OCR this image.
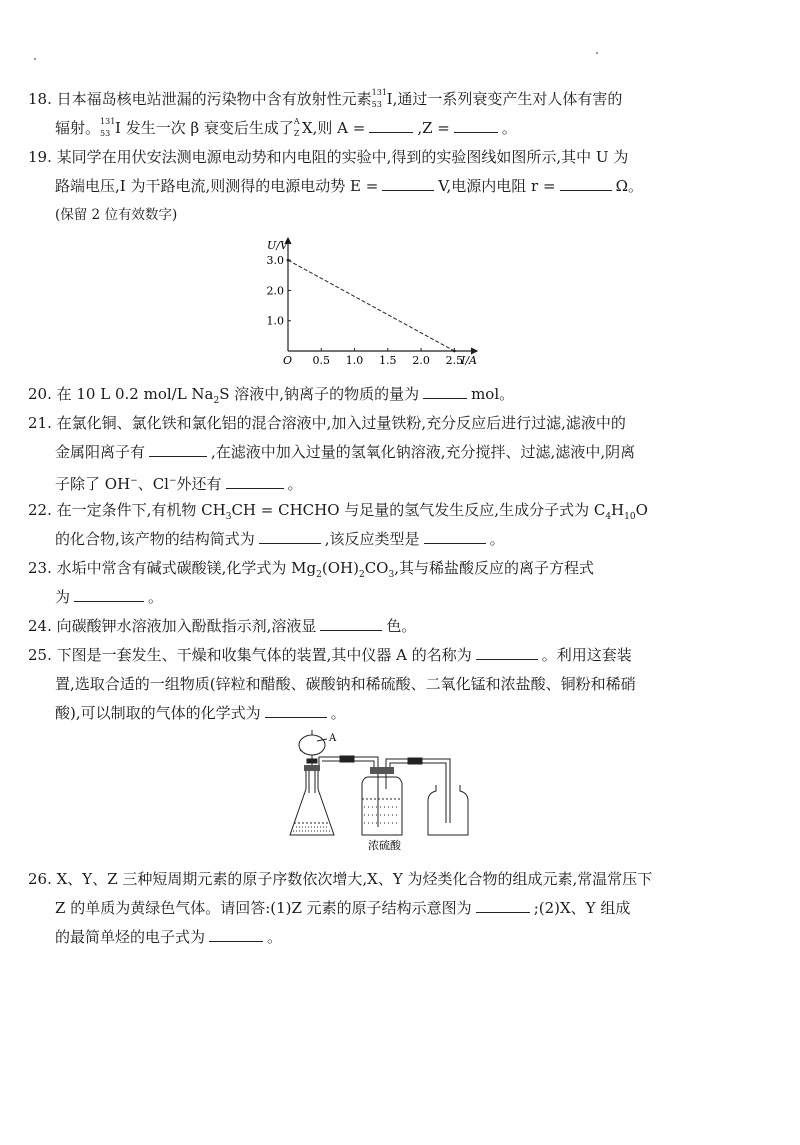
18. 日本福岛核电站泄漏的污染物中含有放射性元素 131
53 I,通过一系列衰变产生对人体有害的
辐射。 131
53 I 发生一次 β 衰变后生成了 A
Z X,则 A =	,Z =	。
19. 某同学在用伏安法测电源电动势和内电阻的实验中,得到的实验图线如图所示,其中 U 为
路端电压,I 为干路电流,则测得的电源电动势 E =	V,电源内电阻 r =	Ω。
(保留 2 位有效数字)
U/V
I/A
O 0.5 1.0 1.5 2.0 2.5
1.0
2.0
3.0
20. 在 10 L 0.2 mol/L $Na_2S$ 溶液中,钠离子的物质的量为	mol。
21. 在氯化铜、氯化铁和氯化铝的混合溶液中,加入过量铁粉,充分反应后进行过滤,滤液中的
金属阳离子有	,在滤液中加入过量的氢氧化钠溶液,充分搅拌、过滤,滤液中,阴离
子除了 OH−、Cl−外还有	。
22. 在一定条件下,有机物 $CH_3CH$ = CHCHO 与足量的氢气发生反应,生成分子式为 $C_4H_{10}O$
的化合物,该产物的结构简式为	,该反应类型是	。
23. 水垢中常含有碱式碳酸镁,化学式为 $Mg_2(OH)_2CO_3$,其与稀盐酸反应的离子方程式
为	。
24. 向碳酸钾水溶液加入酚酞指示剂,溶液显	色。
25. 下图是一套发生、干燥和收集气体的装置,其中仪器 A 的名称为	。利用这套装
置,选取合适的一组物质(锌粒和醋酸、碳酸钠和稀硫酸、二氧化锰和浓盐酸、铜粉和稀硝
酸),可以制取的气体的化学式为	。
A
浓硫酸
26. X、Y、Z 三种短周期元素的原子序数依次增大,X、Y 为烃类化合物的组成元素,常温常压下
Z 的单质为黄绿色气体。请回答:(1)Z 元素的原子结构示意图为	;(2)X、Y 组成
的最简单烃的电子式为	。
